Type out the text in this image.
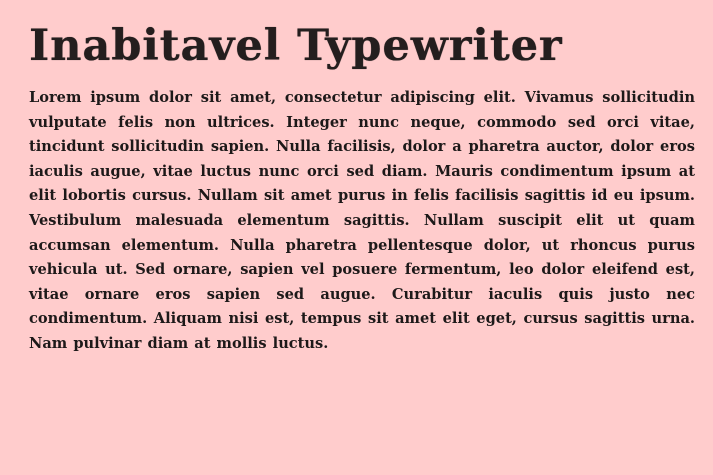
Inabitavel Typewriter

Lorem ipsum dolor sit amet, consectetur adipiscing elit. Vivamus sollicitudin vulputate felis non ultrices. Integer nunc neque, commodo sed orci vitae, tincidunt sollicitudin sapien. Nulla facilisis, dolor a pharetra auctor, dolor eros iaculis augue, vitae luctus nunc orci sed diam. Mauris condimentum ipsum at elit lobortis cursus. Nullam sit amet purus in felis facilisis sagittis id eu ipsum. Vestibulum malesuada elementum sagittis. Nullam suscipit elit ut quam accumsan elementum. Nulla pharetra pellentesque dolor, ut rhoncus purus vehicula ut. Sed ornare, sapien vel posuere fermentum, leo dolor eleifend est, vitae ornare eros sapien sed augue. Curabitur iaculis quis justo nec condimentum. Aliquam nisi est, tempus sit amet elit eget, cursus sagittis urna. Nam pulvinar diam at mollis luctus.
